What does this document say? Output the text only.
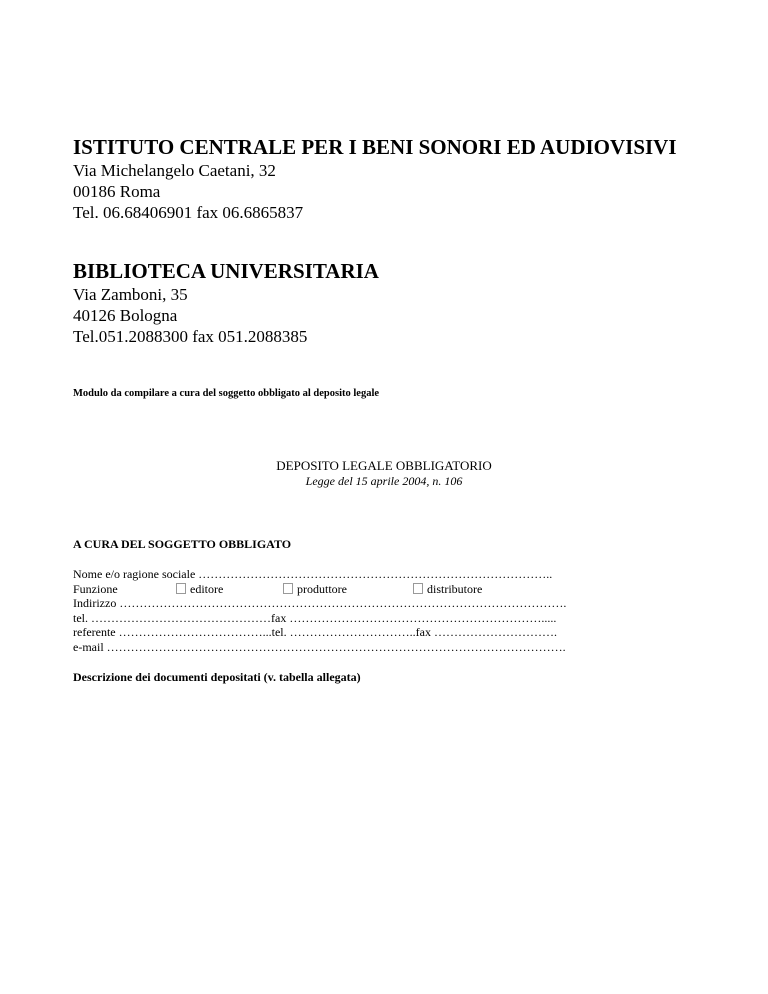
ISTITUTO CENTRALE PER I BENI SONORI ED AUDIOVISIVI
Via Michelangelo Caetani, 32
00186 Roma
Tel. 06.68406901 fax 06.6865837
BIBLIOTECA UNIVERSITARIA
Via Zamboni, 35
40126 Bologna
Tel.051.2088300 fax 051.2088385
Modulo da compilare a cura del soggetto obbligato al deposito legale
DEPOSITO LEGALE OBBLIGATORIO
Legge del 15 aprile 2004, n. 106
A CURA DEL SOGGETTO OBBLIGATO
Nome e/o ragione sociale ……………………………………………………………………………..
Funzione	editore	produttore	distributore
Indirizzo ………………………………………………………………………………………………….
tel. ………………………………………fax ……………………………………………………….....
referente ………………………………...tel. …………………………..fax ………………………….
e-mail …………………………………………………………………………………………………….
Descrizione dei documenti depositati (v. tabella allegata)
